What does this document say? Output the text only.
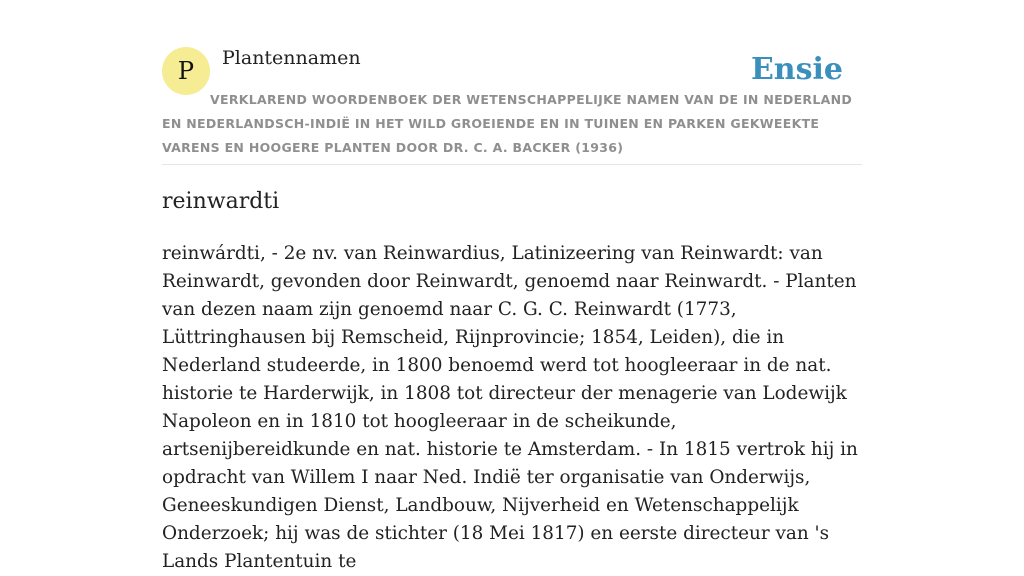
P Plantennamen	Ensie
VERKLAREND WOORDENBOEK DER WETENSCHAPPELIJKE NAMEN VAN DE IN NEDERLAND EN NEDERLANDSCH-INDIË IN HET WILD GROEIENDE EN IN TUINEN EN PARKEN GEKWEEKTE VARENS EN HOOGERE PLANTEN DOOR DR. C. A. BACKER (1936)
reinwardti

reinwárdti, - 2e nv. van Reinwardius, Latinizeering van Reinwardt: van Reinwardt, gevonden door Reinwardt, genoemd naar Reinwardt. - Planten van dezen naam zijn genoemd naar C. G. C. Reinwardt (1773, Lüttringhausen bij Remscheid, Rijnprovincie; 1854, Leiden), die in Nederland studeerde, in 1800 benoemd werd tot hoogleeraar in de nat. historie te Harderwijk, in 1808 tot directeur der menagerie van Lodewijk Napoleon en in 1810 tot hoogleeraar in de scheikunde, artsenijbereidkunde en nat. historie te Amsterdam. - In 1815 vertrok hij in opdracht van Willem I naar Ned. Indië ter organisatie van Onderwijs, Geneeskundigen Dienst, Landbouw, Nijverheid en Wetenschappelijk Onderzoek; hij was de stichter (18 Mei 1817) en eerste directeur van 's Lands Plantentuin te
